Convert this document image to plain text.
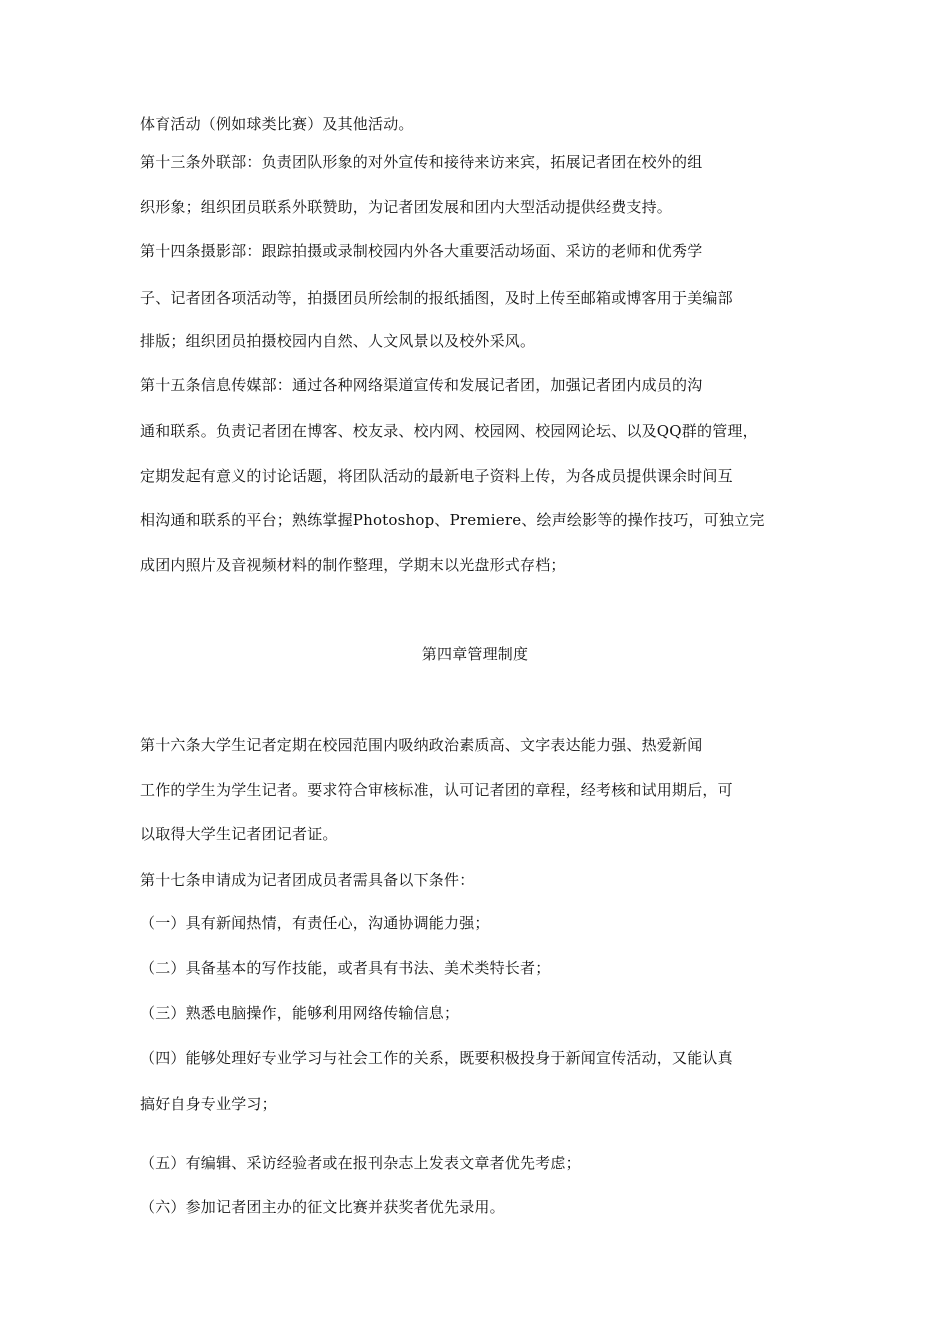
体育活动（例如球类比赛）及其他活动。
第十三条外联部：负责团队形象的对外宣传和接待来访来宾，拓展记者团在校外的组
织形象；组织团员联系外联赞助，为记者团发展和团内大型活动提供经费支持。
第十四条摄影部：跟踪拍摄或录制校园内外各大重要活动场面、采访的老师和优秀学
子、记者团各项活动等，拍摄团员所绘制的报纸插图，及时上传至邮箱或博客用于美编部
排版；组织团员拍摄校园内自然、人文风景以及校外采风。
第十五条信息传媒部：通过各种网络渠道宣传和发展记者团，加强记者团内成员的沟
通和联系。负责记者团在博客、校友录、校内网、校园网、校园网论坛、以及QQ群的管理，
定期发起有意义的讨论话题，将团队活动的最新电子资料上传，为各成员提供课余时间互
相沟通和联系的平台；熟练掌握Photoshop、Premiere、绘声绘影等的操作技巧，可独立完
成团内照片及音视频材料的制作整理，学期末以光盘形式存档；
第四章管理制度
第十六条大学生记者定期在校园范围内吸纳政治素质高、文字表达能力强、热爱新闻
工作的学生为学生记者。要求符合审核标准，认可记者团的章程，经考核和试用期后，可
以取得大学生记者团记者证。
第十七条申请成为记者团成员者需具备以下条件：
（一）具有新闻热情，有责任心，沟通协调能力强；
（二）具备基本的写作技能，或者具有书法、美术类特长者；
（三）熟悉电脑操作，能够利用网络传输信息；
（四）能够处理好专业学习与社会工作的关系，既要积极投身于新闻宣传活动，又能认真
搞好自身专业学习；
（五）有编辑、采访经验者或在报刊杂志上发表文章者优先考虑；
（六）参加记者团主办的征文比赛并获奖者优先录用。
